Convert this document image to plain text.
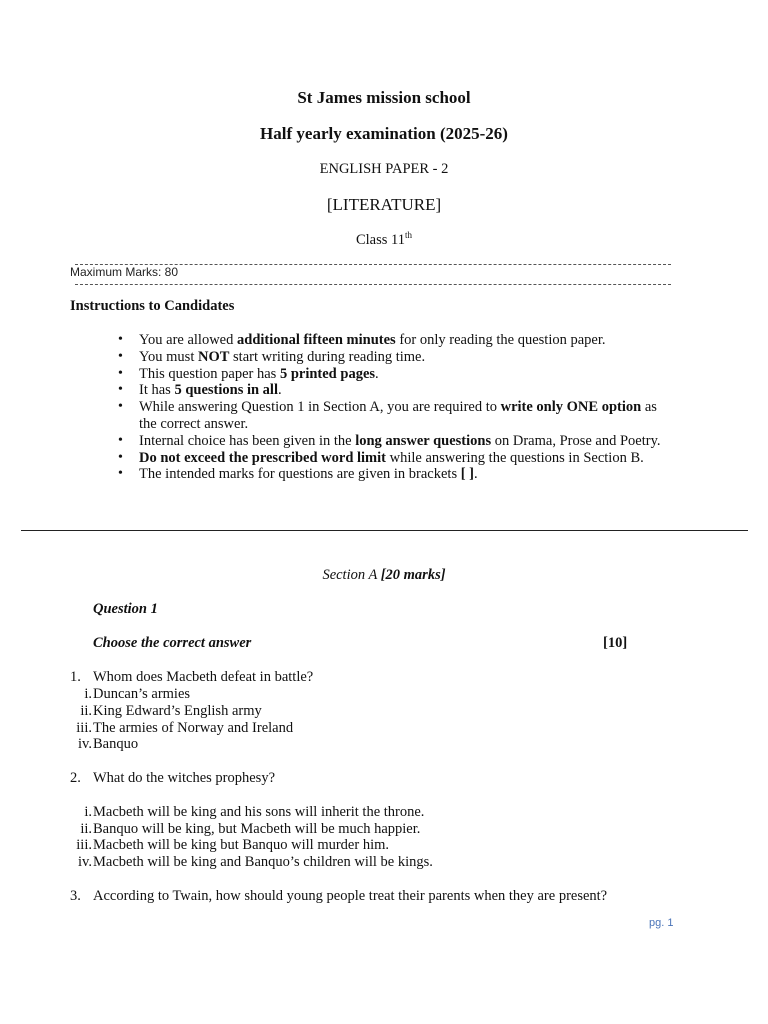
St James mission school
Half yearly examination (2025-26)
ENGLISH PAPER - 2
[LITERATURE]
Class 11th
Maximum Marks: 80
Instructions to Candidates
• You are allowed additional fifteen minutes for only reading the question paper.
• You must NOT start writing during reading time.
• This question paper has 5 printed pages.
• It has 5 questions in all.
• While answering Question 1 in Section A, you are required to write only ONE option as the correct answer.
• Internal choice has been given in the long answer questions on Drama, Prose and Poetry.
• Do not exceed the prescribed word limit while answering the questions in Section B.
• The intended marks for questions are given in brackets [ ].
Section A [20 marks]
Question 1
Choose the correct answer	[10]
1. Whom does Macbeth defeat in battle?
i. Duncan’s armies
ii. King Edward’s English army
iii. The armies of Norway and Ireland
iv. Banquo
2. What do the witches prophesy?
i. Macbeth will be king and his sons will inherit the throne.
ii. Banquo will be king, but Macbeth will be much happier.
iii. Macbeth will be king but Banquo will murder him.
iv. Macbeth will be king and Banquo’s children will be kings.
3. According to Twain, how should young people treat their parents when they are present?
pg. 1
